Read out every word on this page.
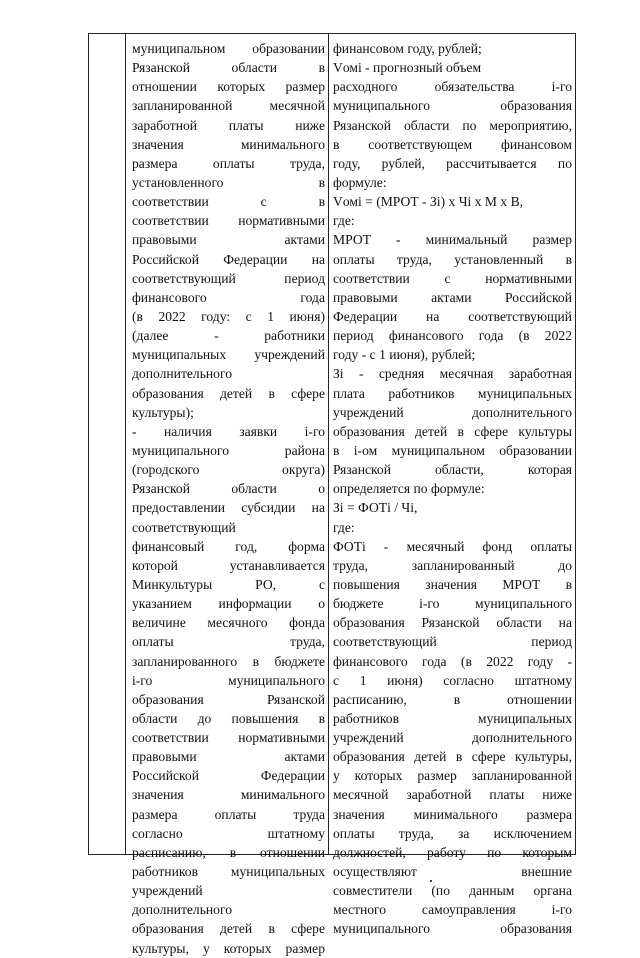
муниципальном образовании
Рязанской области в
отношении которых размер
запланированной месячной
заработной платы ниже
значения минимального
размера оплаты труда,
установленного в
соответствии с в
соответствии нормативными
правовыми актами
Российской Федерации на
соответствующий период
финансового года
(в 2022 году: с 1 июня)
(далее - работники
муниципальных учреждений
дополнительного
образования детей в сфере
культуры);
- наличия заявки i-го
муниципального района
(городского округа)
Рязанской области о
предоставлении субсидии на
соответствующий
финансовый год, форма
которой устанавливается
Минкультуры РО, с
указанием информации о
величине месячного фонда
оплаты труда,
запланированного в бюджете
i-го муниципального
образования Рязанской
области до повышения в
соответствии нормативными
правовыми актами
Российской Федерации
значения минимального
размера оплаты труда
согласно штатному
расписанию, в отношении
работников муниципальных
учреждений
дополнительного
образования детей в сфере
культуры, у которых размер
финансовом году, рублей;
Vомi - прогнозный объем
расходного обязательства i-го
муниципального образования
Рязанской области по мероприятию,
в соответствующем финансовом
году, рублей, рассчитывается по
формуле:
Vомi = (МРОТ - Зi) x Чi x М x В,
где:
МРОТ - минимальный размер
оплаты труда, установленный в
соответствии с нормативными
правовыми актами Российской
Федерации на соответствующий
период финансового года (в 2022
году - с 1 июня), рублей;
Зi - средняя месячная заработная
плата работников муниципальных
учреждений дополнительного
образования детей в сфере культуры
в i-ом муниципальном образовании
Рязанской области, которая
определяется по формуле:
Зi = ФОТi / Чi,
где:
ФОТi - месячный фонд оплаты
труда, запланированный до
повышения значения МРОТ в
бюджете i-го муниципального
образования Рязанской области на
соответствующий период
финансового года (в 2022 году -
с 1 июня) согласно штатному
расписанию, в отношении
работников муниципальных
учреждений дополнительного
образования детей в сфере культуры,
у которых размер запланированной
месячной заработной платы ниже
значения минимального размера
оплаты труда, за исключением
должностей, работу по которым
осуществляют внешние
совместители (по данным органа
местного самоуправления i-го
муниципального образования
